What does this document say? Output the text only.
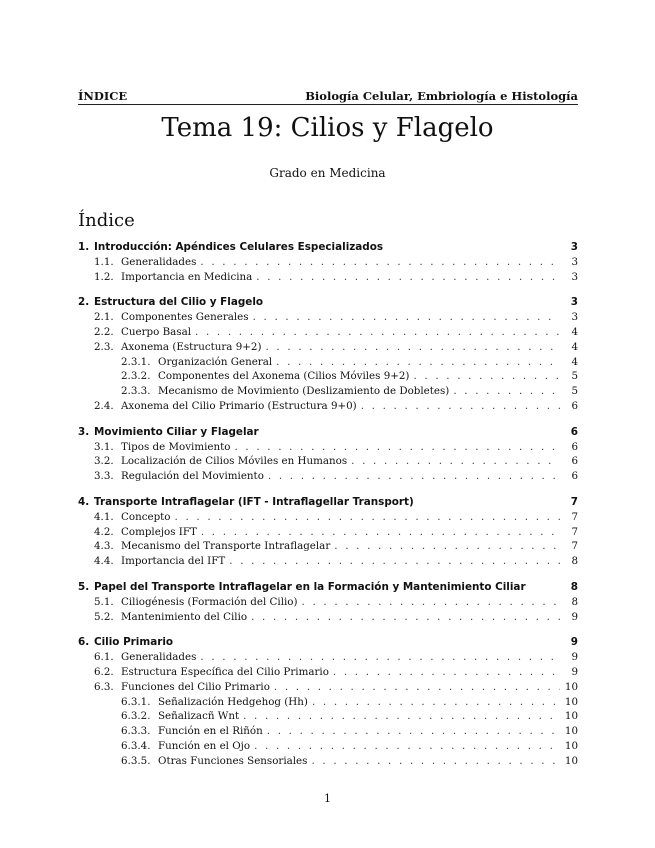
ÍNDICE	Biología Celular, Embriología e Histología
Tema 19: Cilios y Flagelo
Grado en Medicina
Índice
1. Introducción: Apéndices Celulares Especializados	3
1.1. Generalidades . . .	3
1.2. Importancia en Medicina . . .	3
2. Estructura del Cilio y Flagelo	3
2.1. Componentes Generales . . .	3
2.2. Cuerpo Basal . . .	4
2.3. Axonema (Estructura 9+2) . . .	4
2.3.1. Organización General . . .	4
2.3.2. Componentes del Axonema (Cilios Móviles 9+2) . . .	5
2.3.3. Mecanismo de Movimiento (Deslizamiento de Dobletes) . . .	5
2.4. Axonema del Cilio Primario (Estructura 9+0) . . .	6
3. Movimiento Ciliar y Flagelar	6
3.1. Tipos de Movimiento . . .	6
3.2. Localización de Cilios Móviles en Humanos . . .	6
3.3. Regulación del Movimiento . . .	6
4. Transporte Intraflagelar (IFT - Intraflagellar Transport)	7
4.1. Concepto . . .	7
4.2. Complejos IFT . . .	7
4.3. Mecanismo del Transporte Intraflagelar . . .	7
4.4. Importancia del IFT . . .	8
5. Papel del Transporte Intraflagelar en la Formación y Mantenimiento Ciliar	8
5.1. Ciliogénesis (Formación del Cilio) . . .	8
5.2. Mantenimiento del Cilio . . .	9
6. Cilio Primario	9
6.1. Generalidades . . .	9
6.2. Estructura Específica del Cilio Primario . . .	9
6.3. Funciones del Cilio Primario . . .	10
6.3.1. Señalización Hedgehog (Hh) . . .	10
6.3.2. Señalizacñ Wnt . . .	10
6.3.3. Función en el Riñón . . .	10
6.3.4. Función en el Ojo . . .	10
6.3.5. Otras Funciones Sensoriales . . .	10
1
